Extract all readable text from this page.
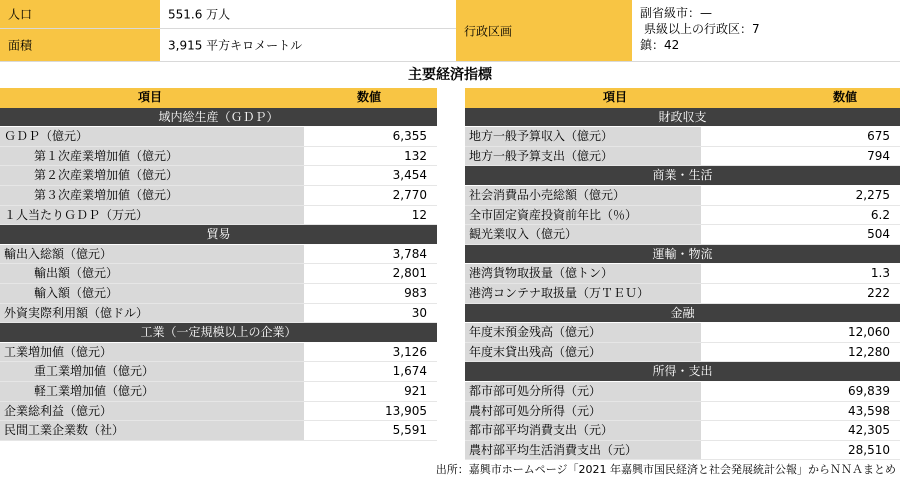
人口	551.6 万人
面積	3,915 平方キロメートル
行政区画
副省級市：—
県級以上の行政区：7
鎮：42
主要経済指標
項目	数値
域内総生産（ＧＤＰ）
ＧＤＰ（億元）	6,355
第１次産業増加値（億元）	132
第２次産業増加値（億元）	3,454
第３次産業増加値（億元）	2,770
１人当たりＧＤＰ（万元）	12
貿易
輸出入総額（億元）	3,784
輸出額（億元）	2,801
輸入額（億元）	983
外資実際利用額（億ドル）	30
工業（一定規模以上の企業）
工業増加値（億元）	3,126
重工業増加値（億元）	1,674
軽工業増加値（億元）	921
企業総利益（億元）	13,905
民間工業企業数（社）	5,591
項目	数値
財政収支
地方一般予算収入（億元）	675
地方一般予算支出（億元）	794
商業・生活
社会消費品小売総額（億元）	2,275
全市固定資産投資前年比（％）	6.2
観光業収入（億元）	504
運輸・物流
港湾貨物取扱量（億トン）	1.3
港湾コンテナ取扱量（万ＴＥＵ）	222
金融
年度末預金残高（億元）	12,060
年度末貸出残高（億元）	12,280
所得・支出
都市部可処分所得（元）	69,839
農村部可処分所得（元）	43,598
都市部平均消費支出（元）	42,305
農村部平均生活消費支出（元）	28,510
出所：嘉興市ホームページ「2021 年嘉興市国民経済と社会発展統計公報」からＮＮＡまとめ
